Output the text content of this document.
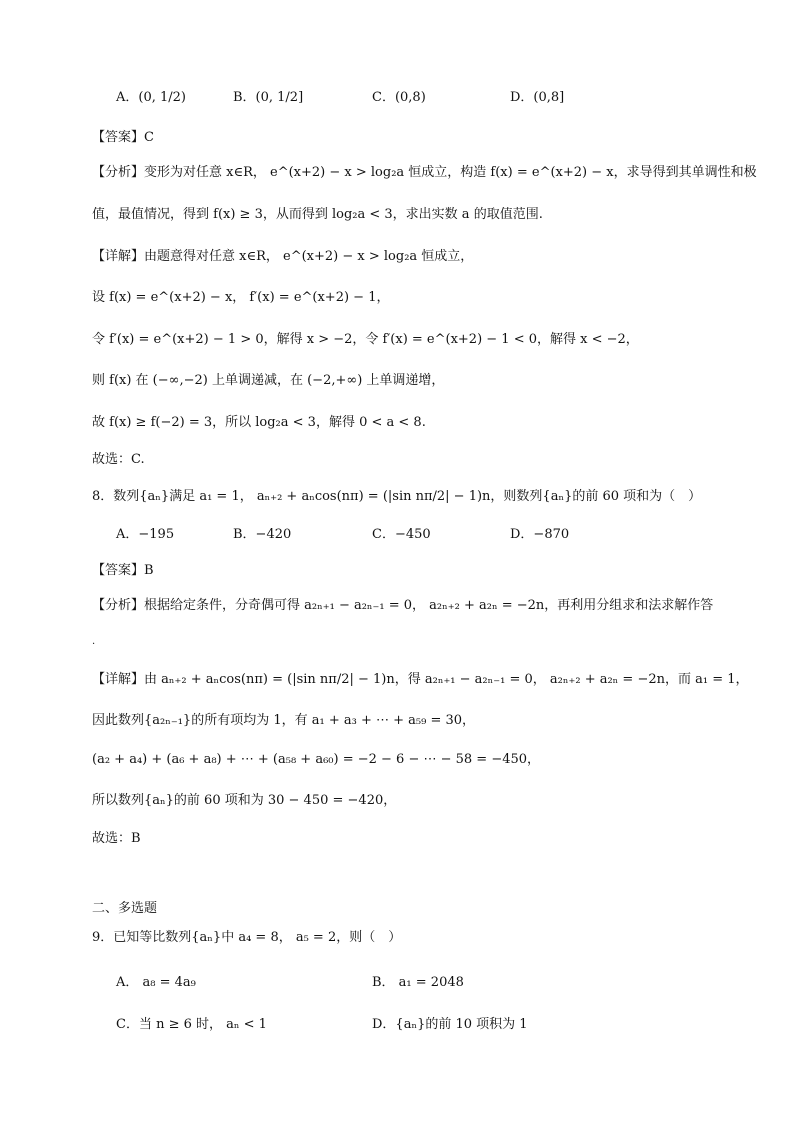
A．(0, 1/2)	B．(0, 1/2]	C．(0,8)	D．(0,8]
【答案】C
【分析】变形为对任意 x∈R， e^(x+2) − x > log₂a 恒成立，构造 f(x) = e^(x+2) − x，求导得到其单调性和极
值，最值情况，得到 f(x) ≥ 3，从而得到 log₂a < 3，求出实数 a 的取值范围.
【详解】由题意得对任意 x∈R， e^(x+2) − x > log₂a 恒成立，
设 f(x) = e^(x+2) − x， f′(x) = e^(x+2) − 1，
令 f′(x) = e^(x+2) − 1 > 0，解得 x > −2，令 f′(x) = e^(x+2) − 1 < 0，解得 x < −2，
则 f(x) 在 (−∞,−2) 上单调递减，在 (−2,+∞) 上单调递增，
故 f(x) ≥ f(−2) = 3，所以 log₂a < 3，解得 0 < a < 8.
故选：C.
8．数列{aₙ}满足 a₁ = 1， aₙ₊₂ + aₙcos(nπ) = (|sin nπ/2| − 1)n，则数列{aₙ}的前 60 项和为（　）
A．−195	B．−420	C．−450	D．−870
【答案】B
【分析】根据给定条件，分奇偶可得 a₂ₙ₊₁ − a₂ₙ₋₁ = 0， a₂ₙ₊₂ + a₂ₙ = −2n，再利用分组求和法求解作答
.
【详解】由 aₙ₊₂ + aₙcos(nπ) = (|sin nπ/2| − 1)n，得 a₂ₙ₊₁ − a₂ₙ₋₁ = 0， a₂ₙ₊₂ + a₂ₙ = −2n，而 a₁ = 1，
因此数列{a₂ₙ₋₁}的所有项均为 1，有 a₁ + a₃ + ⋯ + a₅₉ = 30，
(a₂ + a₄) + (a₆ + a₈) + ⋯ + (a₅₈ + a₆₀) = −2 − 6 − ⋯ − 58 = −450，
所以数列{aₙ}的前 60 项和为 30 − 450 = −420，
故选：B
二、多选题
9．已知等比数列{aₙ}中 a₄ = 8， a₅ = 2，则（　）
A． a₈ = 4a₉	B． a₁ = 2048
C．当 n ≥ 6 时， aₙ < 1	D．{aₙ}的前 10 项积为 1
